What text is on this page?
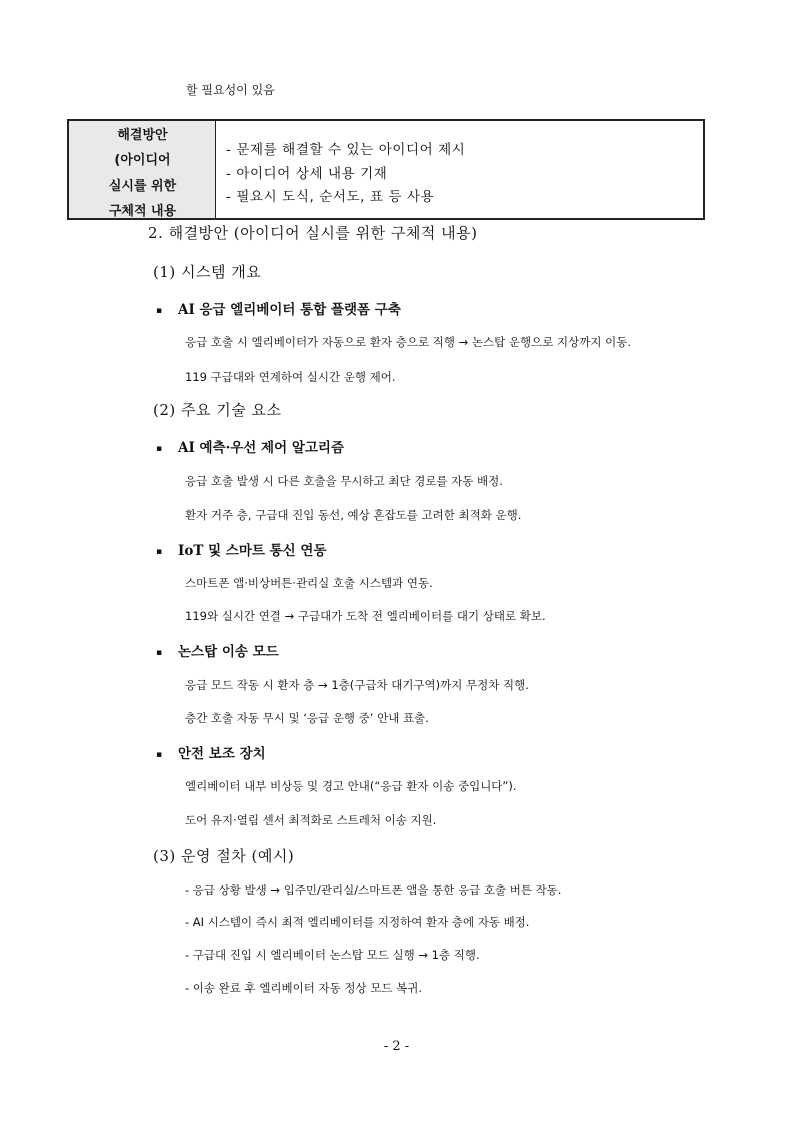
할 필요성이 있음
해결방안
(아이디어
실시를 위한
구체적 내용
- 문제를 해결할 수 있는 아이디어 제시
- 아이디어 상세 내용 기재
- 필요시 도식, 순서도, 표 등 사용
2. 해결방안 (아이디어 실시를 위한 구체적 내용)
(1) 시스템 개요
▪ AI 응급 엘리베이터 통합 플랫폼 구축
응급 호출 시 엘리베이터가 자동으로 환자 층으로 직행 → 논스탑 운행으로 지상까지 이동.
119 구급대와 연계하여 실시간 운행 제어.
(2) 주요 기술 요소
▪ AI 예측·우선 제어 알고리즘
응급 호출 발생 시 다른 호출을 무시하고 최단 경로를 자동 배정.
환자 거주 층, 구급대 진입 동선, 예상 혼잡도를 고려한 최적화 운행.
▪ IoT 및 스마트 통신 연동
스마트폰 앱·비상버튼·관리실 호출 시스템과 연동.
119와 실시간 연결 → 구급대가 도착 전 엘리베이터를 대기 상태로 확보.
▪ 논스탑 이송 모드
응급 모드 작동 시 환자 층 → 1층(구급차 대기구역)까지 무정차 직행.
층간 호출 자동 무시 및 ‘응급 운행 중’ 안내 표출.
▪ 안전 보조 장치
엘리베이터 내부 비상등 및 경고 안내(“응급 환자 이송 중입니다”).
도어 유지·열림 센서 최적화로 스트레처 이송 지원.
(3) 운영 절차 (예시)
- 응급 상황 발생 → 입주민/관리실/스마트폰 앱을 통한 응급 호출 버튼 작동.
- AI 시스템이 즉시 최적 엘리베이터를 지정하여 환자 층에 자동 배정.
- 구급대 진입 시 엘리베이터 논스탑 모드 실행 → 1층 직행.
- 이송 완료 후 엘리베이터 자동 정상 모드 복귀.
- 2 -
